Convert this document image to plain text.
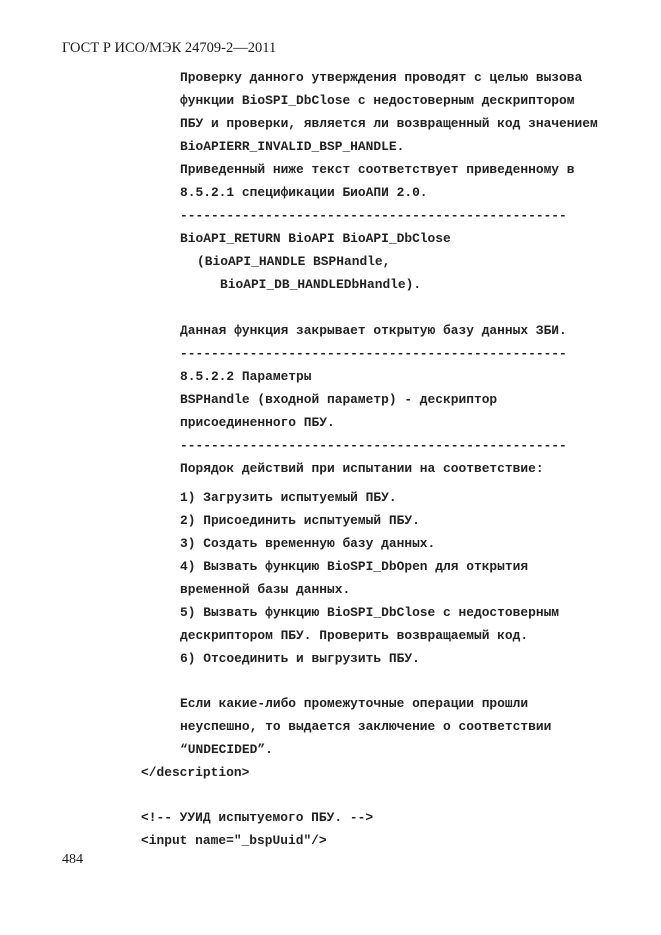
ГОСТ Р ИСО/МЭК 24709-2—2011

Проверку данного утверждения проводят с целью вызова

функции BioSPI_DbClose с недостоверным дескриптором

ПБУ и проверки, является ли возвращенный код значением

BioAPIERR_INVALID_BSP_HANDLE.

Приведенный ниже текст соответствует приведенному в

8.5.2.1 спецификации БиоАПИ 2.0.

--------------------------------------------------

BioAPI_RETURN BioAPI BioAPI_DbClose

(BioAPI_HANDLE BSPHandle,

BioAPI_DB_HANDLEDbHandle).

Данная функция закрывает открытую базу данных ЗБИ.

--------------------------------------------------

8.5.2.2 Параметры

BSPHandle (входной параметр) - дескриптор

присоединенного ПБУ.

--------------------------------------------------

Порядок действий при испытании на соответствие:

1) Загрузить испытуемый ПБУ.

2) Присоединить испытуемый ПБУ.

3) Создать временную базу данных.

4) Вызвать функцию BioSPI_DbOpen для открытия

временной базы данных.

5) Вызвать функцию BioSPI_DbClose с недостоверным

дескриптором ПБУ. Проверить возвращаемый код.

6) Отсоединить и выгрузить ПБУ.

Если какие-либо промежуточные операции прошли

неуспешно, то выдается заключение о соответствии

“UNDECIDED”.

</description>

<!-- УУИД испытуемого ПБУ. -->

<input name="_bspUuid"/>

484
